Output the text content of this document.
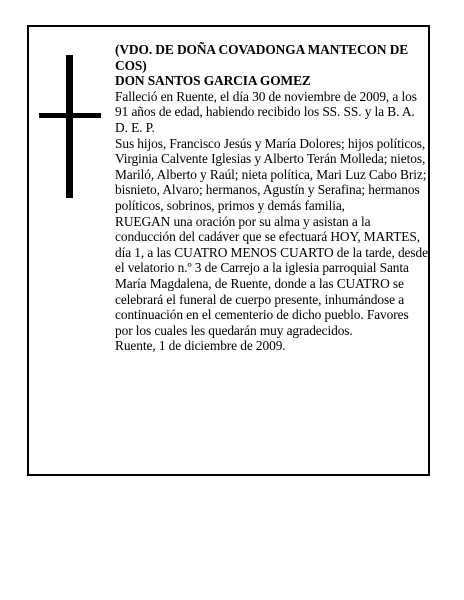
(VDO. DE DOÑA COVADONGA MANTECON DE COS)

DON SANTOS GARCIA GOMEZ

Falleció en Ruente, el día 30 de noviembre de 2009, a los 91 años de edad, habiendo recibido los SS. SS. y la B. A.

D. E. P.

Sus hijos, Francisco Jesús y María Dolores; hijos políticos, Virginia Calvente Iglesias y Alberto Terán Molleda; nietos, Mariló, Alberto y Raúl; nieta política, Mari Luz Cabo Briz; bisnieto, Alvaro; hermanos, Agustín y Serafina; hermanos políticos, sobrinos, primos y demás familia,

RUEGAN una oración por su alma y asistan a la conducción del cadáver que se efectuará HOY, MARTES, día 1, a las CUATRO MENOS CUARTO de la tarde, desde el velatorio n.º 3 de Carrejo a la iglesia parroquial Santa María Magdalena, de Ruente, donde a las CUATRO se celebrará el funeral de cuerpo presente, inhumándose a continuación en el cementerio de dicho pueblo. Favores por los cuales les quedarán muy agradecidos.

Ruente, 1 de diciembre de 2009.
